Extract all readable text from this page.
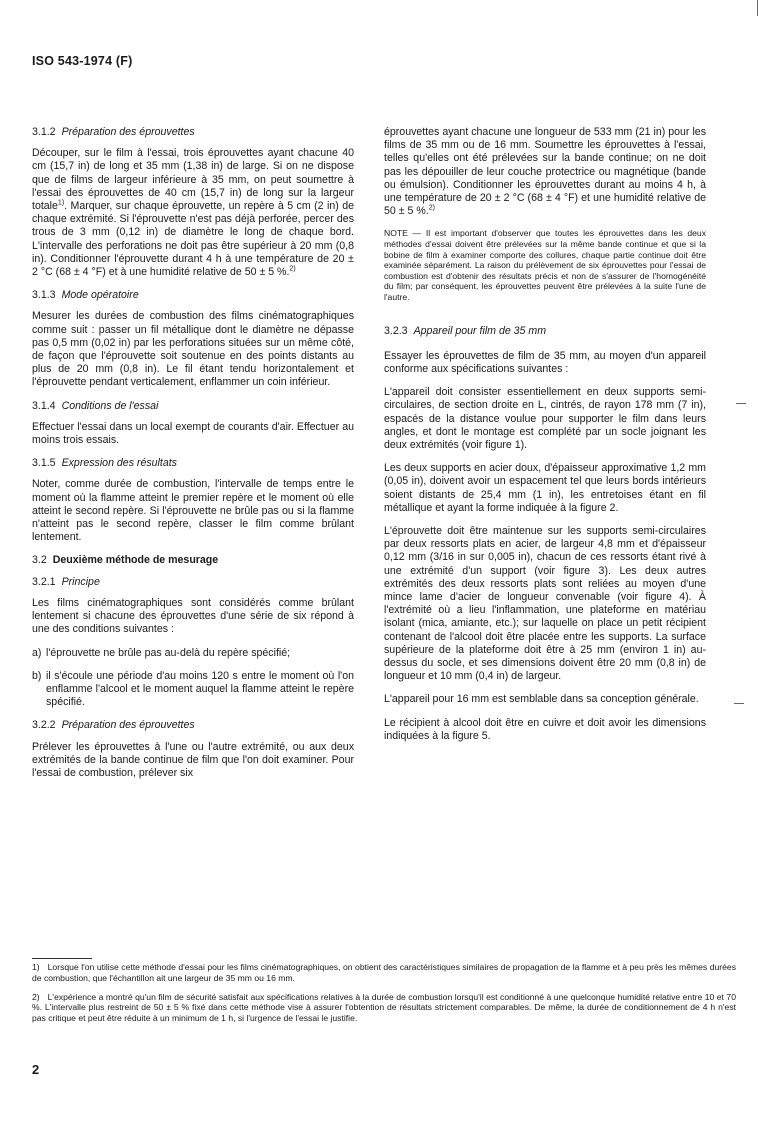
ISO 543-1974 (F)
3.1.2 Préparation des éprouvettes

Découper, sur le film à l'essai, trois éprouvettes ayant chacune 40 cm (15,7 in) de long et 35 mm (1,38 in) de large. Si on ne dispose que de films de largeur inférieure à 35 mm, on peut soumettre à l'essai des éprouvettes de 40 cm (15,7 in) de long sur la largeur totale$^{1)}$. Marquer, sur chaque éprouvette, un repère à 5 cm (2 in) de chaque extrémité. Si l'éprouvette n'est pas déjà perforée, percer des trous de 3 mm (0,12 in) de diamètre le long de chaque bord. L'intervalle des perforations ne doit pas être supérieur à 20 mm (0,8 in). Conditionner l'éprouvette durant 4 h à une température de 20 ± 2 °C (68 ± 4 °F) et à une humidité relative de 50 ± 5 %.$^{2)}$

3.1.3 Mode opératoire

Mesurer les durées de combustion des films cinématographiques comme suit : passer un fil métallique dont le diamètre ne dépasse pas 0,5 mm (0,02 in) par les perforations situées sur un même côté, de façon que l'éprouvette soit soutenue en des points distants au plus de 20 mm (0,8 in). Le fil étant tendu horizontalement et l'éprouvette pendant verticalement, enflammer un coin inférieur.

3.1.4 Conditions de l'essai

Effectuer l'essai dans un local exempt de courants d'air. Effectuer au moins trois essais.

3.1.5 Expression des résultats

Noter, comme durée de combustion, l'intervalle de temps entre le moment où la flamme atteint le premier repère et le moment où elle atteint le second repère. Si l'éprouvette ne brûle pas ou si la flamme n'atteint pas le second repère, classer le film comme brûlant lentement.

3.2 Deuxième méthode de mesurage
3.2.1 Principe

Les films cinématographiques sont considérés comme brûlant lentement si chacune des éprouvettes d'une série de six répond à une des conditions suivantes :

a) l'éprouvette ne brûle pas au-delà du repère spécifié;

b) il s'écoule une période d'au moins 120 s entre le moment où l'on enflamme l'alcool et le moment auquel la flamme atteint le repère spécifié.

3.2.2 Préparation des éprouvettes

Prélever les éprouvettes à l'une ou l'autre extrémité, ou aux deux extrémités de la bande continue de film que l'on doit examiner. Pour l'essai de combustion, prélever six

éprouvettes ayant chacune une longueur de 533 mm (21 in) pour les films de 35 mm ou de 16 mm. Soumettre les éprouvettes à l'essai, telles qu'elles ont été prélevées sur la bande continue; on ne doit pas les dépouiller de leur couche protectrice ou magnétique (bande ou émulsion). Conditionner les éprouvettes durant au moins 4 h, à une température de 20 ± 2 °C (68 ± 4 °F) et une humidité relative de 50 ± 5 %.$^{2)}$

NOTE — Il est important d'observer que toutes les éprouvettes dans les deux méthodes d'essai doivent être prélevées sur la même bande continue et que si la bobine de film à examiner comporte des collures, chaque partie continue doit être examinée séparément. La raison du prélèvement de six éprouvettes pour l'essai de combustion est d'obtenir des résultats précis et non de s'assurer de l'homogénéité du film; par conséquent, les éprouvettes peuvent être prélevées à la suite l'une de l'autre.

3.2.3 Appareil pour film de 35 mm

Essayer les éprouvettes de film de 35 mm, au moyen d'un appareil conforme aux spécifications suivantes :

L'appareil doit consister essentiellement en deux supports semi-circulaires, de section droite en L, cintrés, de rayon 178 mm (7 in), espacés de la distance voulue pour supporter le film dans leurs angles, et dont le montage est complété par un socle joignant les deux extrémités (voir figure 1).

Les deux supports en acier doux, d'épaisseur approximative 1,2 mm (0,05 in), doivent avoir un espacement tel que leurs bords intérieurs soient distants de 25,4 mm (1 in), les entretoises étant en fil métallique et ayant la forme indiquée à la figure 2.

L'éprouvette doit être maintenue sur les supports semi-circulaires par deux ressorts plats en acier, de largeur 4,8 mm et d'épaisseur 0,12 mm (3/16 in sur 0,005 in), chacun de ces ressorts étant rivé à une extrémité d'un support (voir figure 3). Les deux autres extrémités des deux ressorts plats sont reliées au moyen d'une mince lame d'acier de longueur convenable (voir figure 4). À l'extrémité où a lieu l'inflammation, une plateforme en matériau isolant (mica, amiante, etc.); sur laquelle on place un petit récipient contenant de l'alcool doit être placée entre les supports. La surface supérieure de la plateforme doit être à 25 mm (environ 1 in) au-dessus du socle, et ses dimensions doivent être 20 mm (0,8 in) de longueur et 10 mm (0,4 in) de largeur.

L'appareil pour 16 mm est semblable dans sa conception générale.

Le récipient à alcool doit être en cuivre et doit avoir les dimensions indiquées à la figure 5.

1) Lorsque l'on utilise cette méthode d'essai pour les films cinématographiques, on obtient des caractéristiques similaires de propagation de la flamme et à peu près les mêmes durées de combustion, que l'échantillon ait une largeur de 35 mm ou 16 mm.

2) L'expérience a montré qu'un film de sécurité satisfait aux spécifications relatives à la durée de combustion lorsqu'il est conditionné à une quelconque humidité relative entre 10 et 70 %. L'intervalle plus restreint de 50 ± 5 % fixé dans cette méthode vise à assurer l'obtention de résultats strictement comparables. De même, la durée de conditionnement de 4 h n'est pas critique et peut être réduite à un minimum de 1 h, si l'urgence de l'essai le justifie.

2
